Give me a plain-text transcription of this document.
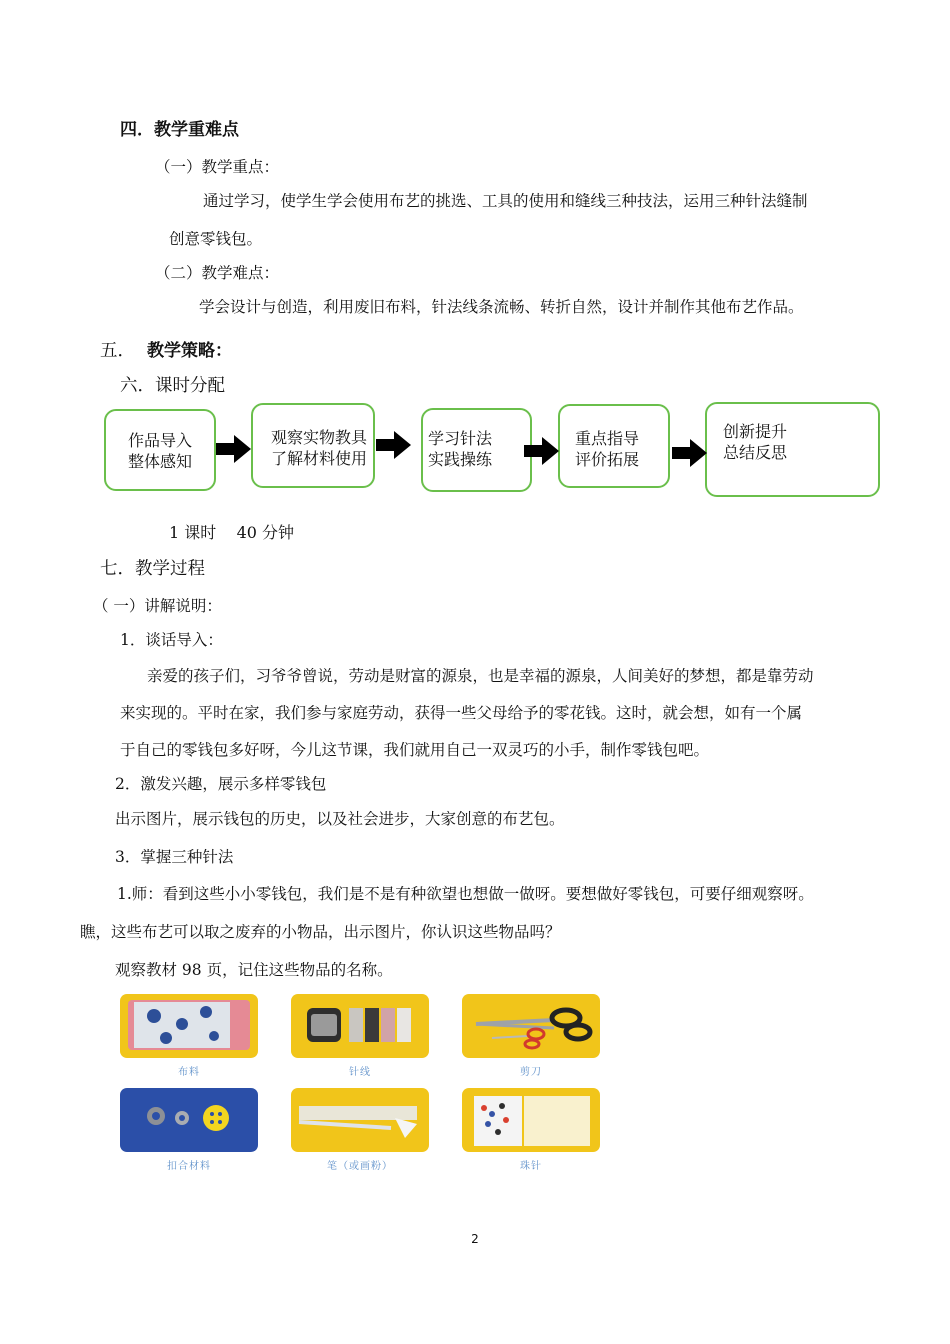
四．教学重难点
（一）教学重点：
通过学习，使学生学会使用布艺的挑选、工具的使用和缝线三种技法，运用三种针法缝制
创意零钱包。
（二）教学难点：
学会设计与创造，利用废旧布料，针法线条流畅、转折自然，设计并制作其他布艺作品。
五． 教学策略：
六．课时分配
作品导入
整体感知
观察实物教具
了解材料使用
学习针法
实践操练
重点指导
评价拓展
创新提升
总结反思
1 课时    40 分钟
七．教学过程
（ 一）讲解说明：
1．谈话导入：
亲爱的孩子们，习爷爷曾说，劳动是财富的源泉，也是幸福的源泉，人间美好的梦想，都是靠劳动
来实现的。平时在家，我们参与家庭劳动，获得一些父母给予的零花钱。这时，就会想，如有一个属
于自己的零钱包多好呀，今儿这节课，我们就用自己一双灵巧的小手，制作零钱包吧。
2．激发兴趣，展示多样零钱包
出示图片，展示钱包的历史，以及社会进步，大家创意的布艺包。
3．掌握三种针法
1.师：看到这些小小零钱包，我们是不是有种欲望也想做一做呀。要想做好零钱包，可要仔细观察呀。
瞧，这些布艺可以取之废弃的小物品，出示图片，你认识这些物品吗？
观察教材 98 页，记住这些物品的名称。
布料	针线	剪刀
扣合材料	笔（或画粉）	珠针
2
